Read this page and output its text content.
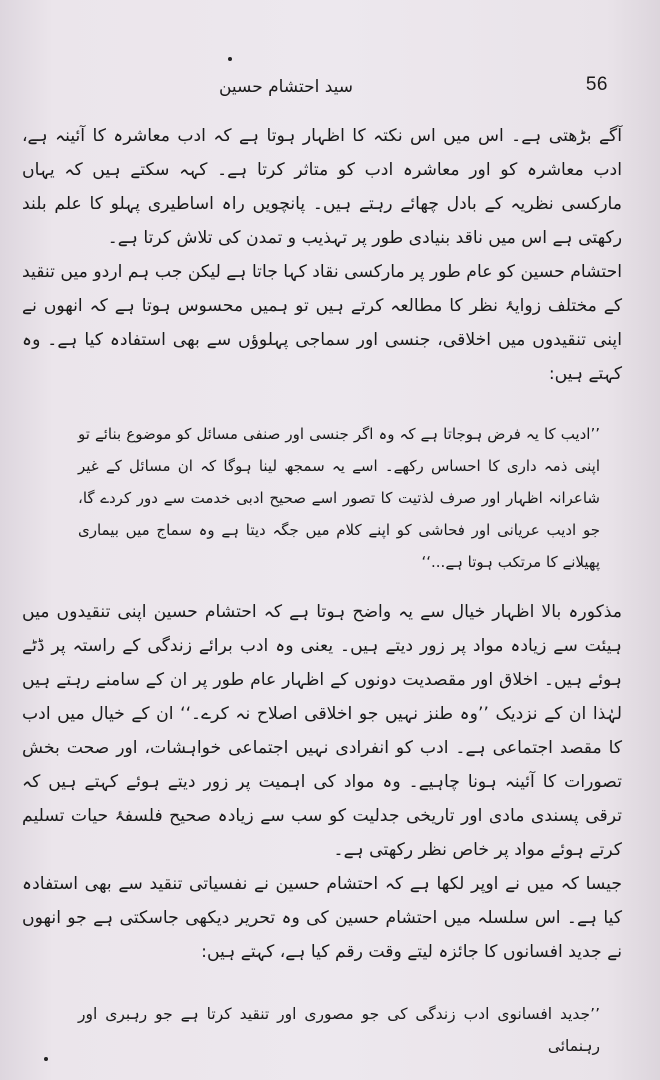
سید احتشام حسین	56

آگے بڑھتی ہے۔ اس میں اس نکتہ کا اظہار ہوتا ہے کہ ادب معاشرہ کا آئینہ ہے، ادب معاشرہ کو اور معاشرہ ادب کو متاثر کرتا ہے۔ کہہ سکتے ہیں کہ یہاں مارکسی نظریہ کے بادل چھائے رہتے ہیں۔ پانچویں راہ اساطیری پہلو کا علم بلند رکھتی ہے اس میں ناقد بنیادی طور پر تہذیب و تمدن کی تلاش کرتا ہے۔

احتشام حسین کو عام طور پر مارکسی نقاد کہا جاتا ہے لیکن جب ہم اردو میں تنقید کے مختلف زوایۂ نظر کا مطالعہ کرتے ہیں تو ہمیں محسوس ہوتا ہے کہ انھوں نے اپنی تنقیدوں میں اخلاقی، جنسی اور سماجی پہلوؤں سے بھی استفادہ کیا ہے۔ وہ کہتے ہیں:

’’ادیب کا یہ فرض ہوجاتا ہے کہ وہ اگر جنسی اور صنفی مسائل کو موضوع بنائے تو اپنی ذمہ داری کا احساس رکھے۔ اسے یہ سمجھ لینا ہوگا کہ ان مسائل کے غیر شاعرانہ اظہار اور صرف لذتیت کا تصور اسے صحیح ادبی خدمت سے دور کردے گا، جو ادیب عریانی اور فحاشی کو اپنے کلام میں جگہ دیتا ہے وہ سماج میں بیماری پھیلانے کا مرتکب ہوتا ہے...‘‘

مذکورہ بالا اظہار خیال سے یہ واضح ہوتا ہے کہ احتشام حسین اپنی تنقیدوں میں ہیئت سے زیادہ مواد پر زور دیتے ہیں۔ یعنی وہ ادب برائے زندگی کے راستہ پر ڈٹے ہوئے ہیں۔ اخلاق اور مقصدیت دونوں کے اظہار عام طور پر ان کے سامنے رہتے ہیں لہٰذا ان کے نزدیک ’’وہ طنز نہیں جو اخلاقی اصلاح نہ کرے۔‘‘ ان کے خیال میں ادب کا مقصد اجتماعی ہے۔ ادب کو انفرادی نہیں اجتماعی خواہشات، اور صحت بخش تصورات کا آئینہ ہونا چاہیے۔ وہ مواد کی اہمیت پر زور دیتے ہوئے کہتے ہیں کہ ترقی پسندی مادی اور تاریخی جدلیت کو سب سے زیادہ صحیح فلسفۂ حیات تسلیم کرتے ہوئے مواد پر خاص نظر رکھتی ہے۔

جیسا کہ میں نے اوپر لکھا ہے کہ احتشام حسین نے نفسیاتی تنقید سے بھی استفادہ کیا ہے۔ اس سلسلہ میں احتشام حسین کی وہ تحریر دیکھی جاسکتی ہے جو انھوں نے جدید افسانوں کا جائزہ لیتے وقت رقم کیا ہے، کہتے ہیں:

’’جدید افسانوی ادب زندگی کی جو مصوری اور تنقید کرتا ہے جو رہبری اور رہنمائی
